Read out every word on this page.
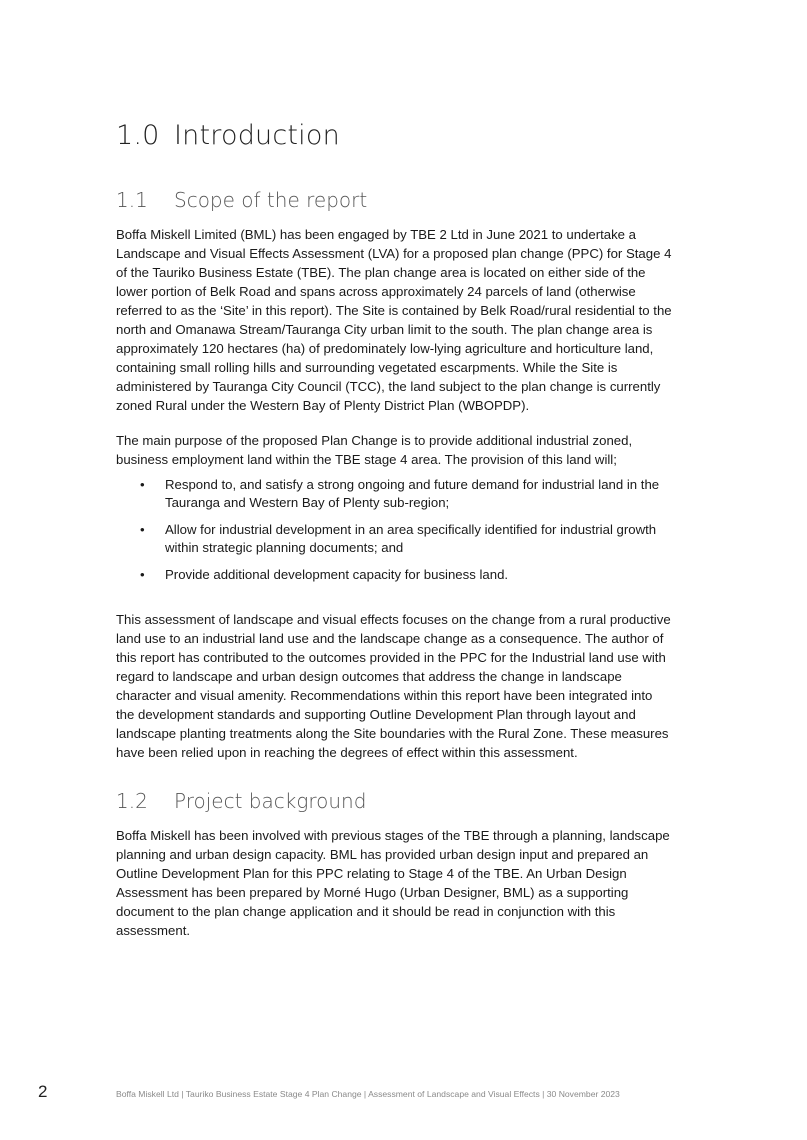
1.0 Introduction
1.1 Scope of the report

Boffa Miskell Limited (BML) has been engaged by TBE 2 Ltd in June 2021 to undertake a
Landscape and Visual Effects Assessment (LVA) for a proposed plan change (PPC) for Stage 4
of the Tauriko Business Estate (TBE). The plan change area is located on either side of the
lower portion of Belk Road and spans across approximately 24 parcels of land (otherwise
referred to as the ‘Site’ in this report). The Site is contained by Belk Road/rural residential to the
north and Omanawa Stream/Tauranga City urban limit to the south. The plan change area is
approximately 120 hectares (ha) of predominately low-lying agriculture and horticulture land,
containing small rolling hills and surrounding vegetated escarpments. While the Site is
administered by Tauranga City Council (TCC), the land subject to the plan change is currently
zoned Rural under the Western Bay of Plenty District Plan (WBOPDP).

The main purpose of the proposed Plan Change is to provide additional industrial zoned,
business employment land within the TBE stage 4 area. The provision of this land will;

• Respond to, and satisfy a strong ongoing and future demand for industrial land in the
Tauranga and Western Bay of Plenty sub-region;
• Allow for industrial development in an area specifically identified for industrial growth
within strategic planning documents; and
• Provide additional development capacity for business land.

This assessment of landscape and visual effects focuses on the change from a rural productive
land use to an industrial land use and the landscape change as a consequence. The author of
this report has contributed to the outcomes provided in the PPC for the Industrial land use with
regard to landscape and urban design outcomes that address the change in landscape
character and visual amenity. Recommendations within this report have been integrated into
the development standards and supporting Outline Development Plan through layout and
landscape planting treatments along the Site boundaries with the Rural Zone. These measures
have been relied upon in reaching the degrees of effect within this assessment.

1.2 Project background

Boffa Miskell has been involved with previous stages of the TBE through a planning, landscape
planning and urban design capacity. BML has provided urban design input and prepared an
Outline Development Plan for this PPC relating to Stage 4 of the TBE. An Urban Design
Assessment has been prepared by Morné Hugo (Urban Designer, BML) as a supporting
document to the plan change application and it should be read in conjunction with this
assessment.

2	Boffa Miskell Ltd | Tauriko Business Estate Stage 4 Plan Change | Assessment of Landscape and Visual Effects | 30 November 2023
